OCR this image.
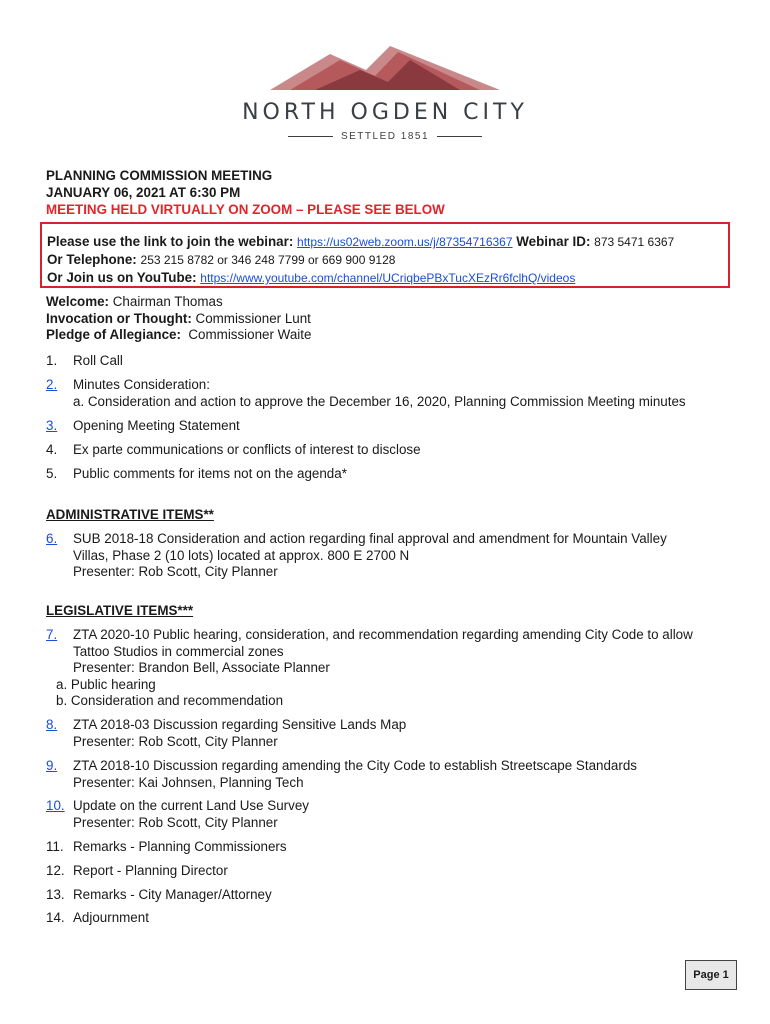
NORTH OGDEN CITY
SETTLED 1851
PLANNING COMMISSION MEETING
JANUARY 06, 2021 AT 6:30 PM
MEETING HELD VIRTUALLY ON ZOOM – PLEASE SEE BELOW
Please use the link to join the webinar: https://us02web.zoom.us/j/87354716367 Webinar ID: 873 5471 6367
Or Telephone: 253 215 8782 or 346 248 7799 or 669 900 9128
Or Join us on YouTube: https://www.youtube.com/channel/UCriqbePBxTucXEzRr6fclhQ/videos
Welcome: Chairman Thomas
Invocation or Thought: Commissioner Lunt
Pledge of Allegiance: Commissioner Waite
1.	Roll Call
2.	Minutes Consideration:
a. Consideration and action to approve the December 16, 2020, Planning Commission Meeting minutes
3.	Opening Meeting Statement
4.	Ex parte communications or conflicts of interest to disclose
5.	Public comments for items not on the agenda*
ADMINISTRATIVE ITEMS**
6.	SUB 2018-18 Consideration and action regarding final approval and amendment for Mountain Valley
Villas, Phase 2 (10 lots) located at approx. 800 E 2700 N
Presenter: Rob Scott, City Planner
LEGISLATIVE ITEMS***
7.	ZTA 2020-10 Public hearing, consideration, and recommendation regarding amending City Code to allow
Tattoo Studios in commercial zones
Presenter: Brandon Bell, Associate Planner
a. Public hearing
b. Consideration and recommendation
8.	ZTA 2018-03 Discussion regarding Sensitive Lands Map
Presenter: Rob Scott, City Planner
9.	ZTA 2018-10 Discussion regarding amending the City Code to establish Streetscape Standards
Presenter: Kai Johnsen, Planning Tech
10. Update on the current Land Use Survey
Presenter: Rob Scott, City Planner
11. Remarks - Planning Commissioners
12. Report - Planning Director
13. Remarks - City Manager/Attorney
14. Adjournment
Page 1
